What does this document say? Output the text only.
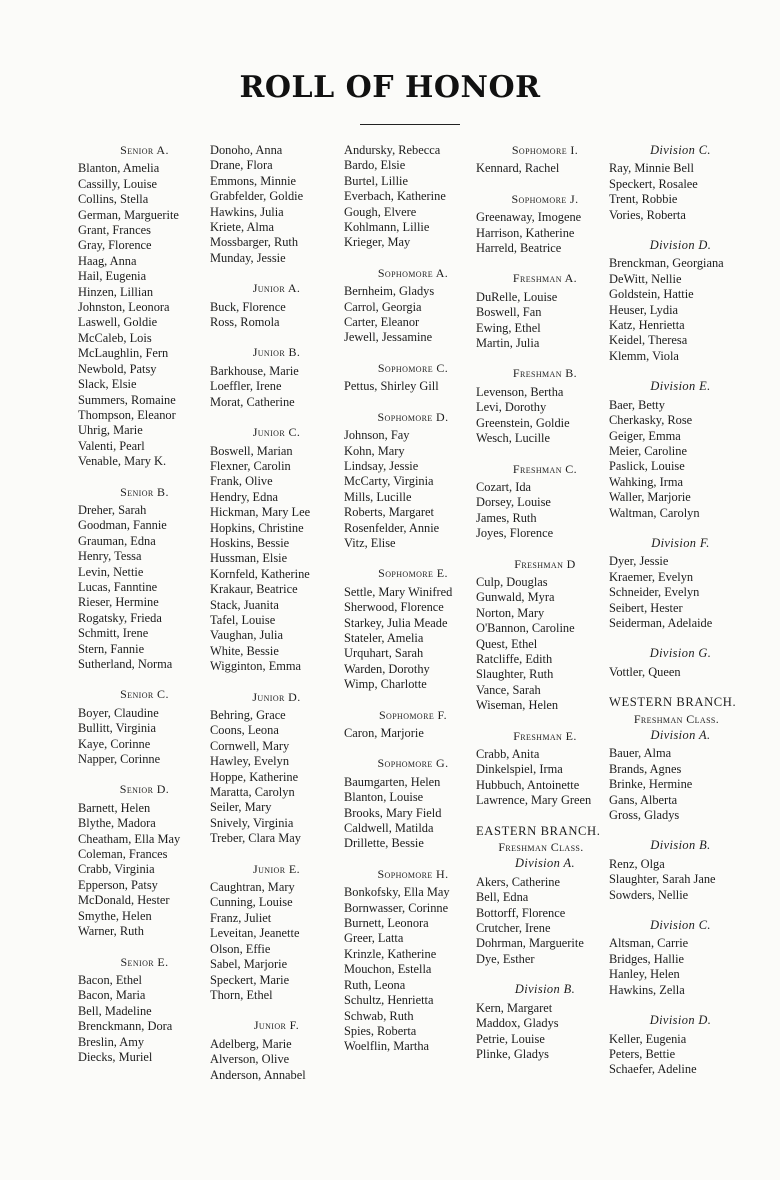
ROLL OF HONOR
Senior A.
Blanton, Amelia
Cassilly, Louise
Collins, Stella
German, Marguerite
Grant, Frances
Gray, Florence
Haag, Anna
Hail, Eugenia
Hinzen, Lillian
Johnston, Leonora
Laswell, Goldie
McCaleb, Lois
McLaughlin, Fern
Newbold, Patsy
Slack, Elsie
Summers, Romaine
Thompson, Eleanor
Uhrig, Marie
Valenti, Pearl
Venable, Mary K.
Senior B.
Dreher, Sarah
Goodman, Fannie
Grauman, Edna
Henry, Tessa
Levin, Nettie
Lucas, Fanntine
Rieser, Hermine
Rogatsky, Frieda
Schmitt, Irene
Stern, Fannie
Sutherland, Norma
Senior C.
Boyer, Claudine
Bullitt, Virginia
Kaye, Corinne
Napper, Corinne
Senior D.
Barnett, Helen
Blythe, Madora
Cheatham, Ella May
Coleman, Frances
Crabb, Virginia
Epperson, Patsy
McDonald, Hester
Smythe, Helen
Warner, Ruth
Senior E.
Bacon, Ethel
Bacon, Maria
Bell, Madeline
Brenckmann, Dora
Breslin, Amy
Diecks, Muriel
Donoho, Anna
Drane, Flora
Emmons, Minnie
Grabfelder, Goldie
Hawkins, Julia
Kriete, Alma
Mossbarger, Ruth
Munday, Jessie
Junior A.
Buck, Florence
Ross, Romola
Junior B.
Barkhouse, Marie
Loeffler, Irene
Morat, Catherine
Junior C.
Boswell, Marian
Flexner, Carolin
Frank, Olive
Hendry, Edna
Hickman, Mary Lee
Hopkins, Christine
Hoskins, Bessie
Hussman, Elsie
Kornfeld, Katherine
Krakaur, Beatrice
Stack, Juanita
Tafel, Louise
Vaughan, Julia
White, Bessie
Wigginton, Emma
Junior D.
Behring, Grace
Coons, Leona
Cornwell, Mary
Hawley, Evelyn
Hoppe, Katherine
Maratta, Carolyn
Seiler, Mary
Snively, Virginia
Treber, Clara May
Junior E.
Caughtran, Mary
Cunning, Louise
Franz, Juliet
Leveitan, Jeanette
Olson, Effie
Sabel, Marjorie
Speckert, Marie
Thorn, Ethel
Junior F.
Adelberg, Marie
Alverson, Olive
Anderson, Annabel
Andursky, Rebecca
Bardo, Elsie
Burtel, Lillie
Everbach, Katherine
Gough, Elvere
Kohlmann, Lillie
Krieger, May
Sophomore A.
Bernheim, Gladys
Carrol, Georgia
Carter, Eleanor
Jewell, Jessamine
Sophomore C.
Pettus, Shirley Gill
Sophomore D.
Johnson, Fay
Kohn, Mary
Lindsay, Jessie
McCarty, Virginia
Mills, Lucille
Roberts, Margaret
Rosenfelder, Annie
Vitz, Elise
Sophomore E.
Settle, Mary Winifred
Sherwood, Florence
Starkey, Julia Meade
Stateler, Amelia
Urquhart, Sarah
Warden, Dorothy
Wimp, Charlotte
Sophomore F.
Caron, Marjorie
Sophomore G.
Baumgarten, Helen
Blanton, Louise
Brooks, Mary Field
Caldwell, Matilda
Drillette, Bessie
Sophomore H.
Bonkofsky, Ella May
Bornwasser, Corinne
Burnett, Leonora
Greer, Latta
Krinzle, Katherine
Mouchon, Estella
Ruth, Leona
Schultz, Henrietta
Schwab, Ruth
Spies, Roberta
Woelflin, Martha
Sophomore I.
Kennard, Rachel
Sophomore J.
Greenaway, Imogene
Harrison, Katherine
Harreld, Beatrice
Freshman A.
DuRelle, Louise
Boswell, Fan
Ewing, Ethel
Martin, Julia
Freshman B.
Levenson, Bertha
Levi, Dorothy
Greenstein, Goldie
Wesch, Lucille
Freshman C.
Cozart, Ida
Dorsey, Louise
James, Ruth
Joyes, Florence
Freshman D
Culp, Douglas
Gunwald, Myra
Norton, Mary
O'Bannon, Caroline
Quest, Ethel
Ratcliffe, Edith
Slaughter, Ruth
Vance, Sarah
Wiseman, Helen
Freshman E.
Crabb, Anita
Dinkelspiel, Irma
Hubbuch, Antoinette
Lawrence, Mary Green
EASTERN BRANCH.
Freshman Class.
Division A.
Akers, Catherine
Bell, Edna
Bottorff, Florence
Crutcher, Irene
Dohrman, Marguerite
Dye, Esther
Division B.
Kern, Margaret
Maddox, Gladys
Petrie, Louise
Plinke, Gladys
Division C.
Ray, Minnie Bell
Speckert, Rosalee
Trent, Robbie
Vories, Roberta
Division D.
Brenckman, Georgiana
DeWitt, Nellie
Goldstein, Hattie
Heuser, Lydia
Katz, Henrietta
Keidel, Theresa
Klemm, Viola
Division E.
Baer, Betty
Cherkasky, Rose
Geiger, Emma
Meier, Caroline
Paslick, Louise
Wahking, Irma
Waller, Marjorie
Waltman, Carolyn
Division F.
Dyer, Jessie
Kraemer, Evelyn
Schneider, Evelyn
Seibert, Hester
Seiderman, Adelaide
Division G.
Vottler, Queen
WESTERN BRANCH.
Freshman Class.
Division A.
Bauer, Alma
Brands, Agnes
Brinke, Hermine
Gans, Alberta
Gross, Gladys
Division B.
Renz, Olga
Slaughter, Sarah Jane
Sowders, Nellie
Division C.
Altsman, Carrie
Bridges, Hallie
Hanley, Helen
Hawkins, Zella
Division D.
Keller, Eugenia
Peters, Bettie
Schaefer, Adeline
